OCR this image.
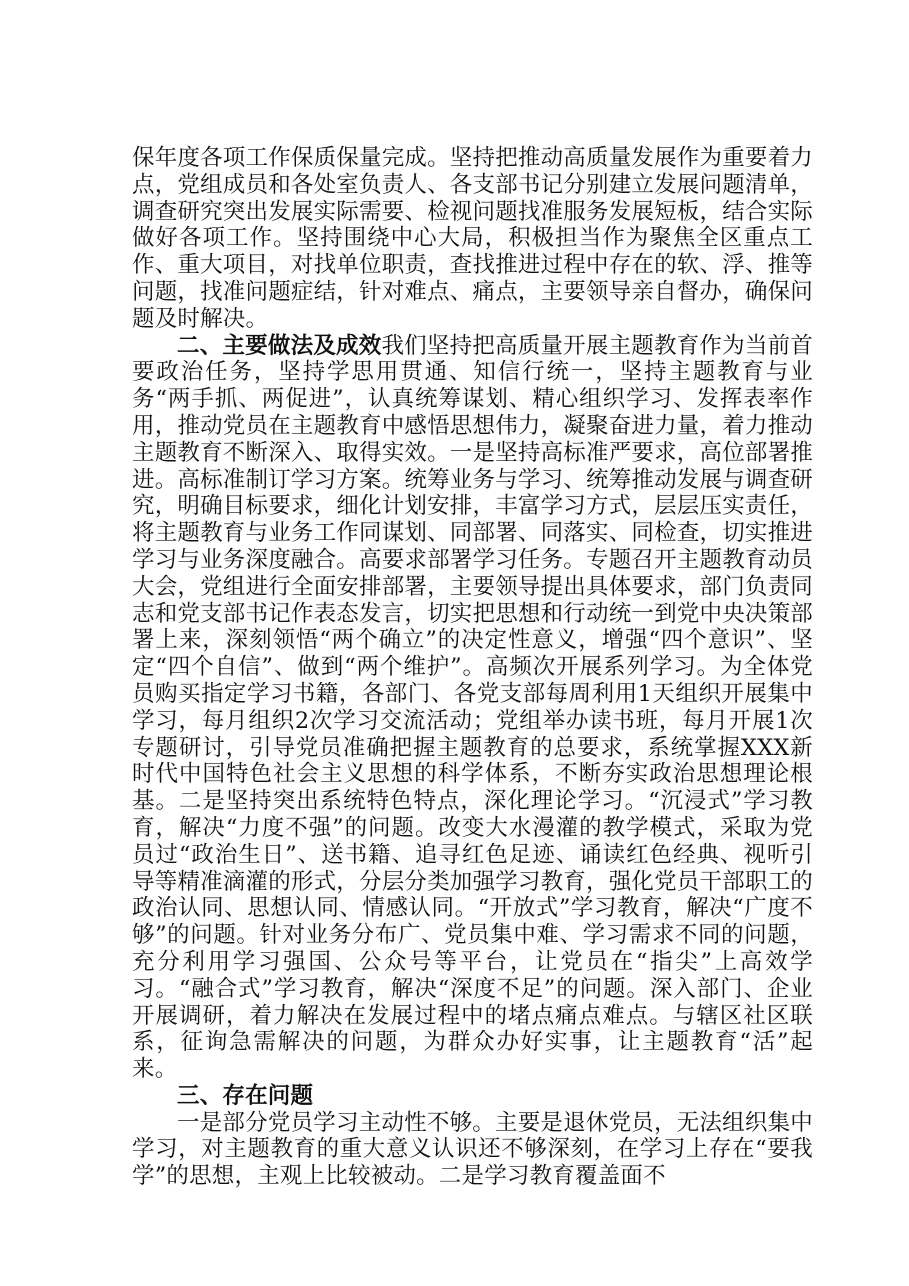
保年度各项工作保质保量完成。坚持把推动高质量发展作为重要着力点，党组成员和各处室负责人、各支部书记分别建立发展问题清单，调查研究突出发展实际需要、检视问题找准服务发展短板，结合实际做好各项工作。坚持围绕中心大局，积极担当作为聚焦全区重点工作、重大项目，对找单位职责，查找推进过程中存在的软、浮、推等问题，找准问题症结，针对难点、痛点，主要领导亲自督办，确保问题及时解决。

二、主要做法及成效我们坚持把高质量开展主题教育作为当前首要政治任务，坚持学思用贯通、知信行统一，坚持主题教育与业务“两手抓、两促进”，认真统筹谋划、精心组织学习、发挥表率作用，推动党员在主题教育中感悟思想伟力，凝聚奋进力量，着力推动主题教育不断深入、取得实效。一是坚持高标准严要求，高位部署推进。高标准制订学习方案。统筹业务与学习、统筹推动发展与调查研究，明确目标要求，细化计划安排，丰富学习方式，层层压实责任，将主题教育与业务工作同谋划、同部署、同落实、同检查，切实推进学习与业务深度融合。高要求部署学习任务。专题召开主题教育动员大会，党组进行全面安排部署，主要领导提出具体要求，部门负责同志和党支部书记作表态发言，切实把思想和行动统一到党中央决策部署上来，深刻领悟“两个确立”的决定性意义，增强“四个意识”、坚定“四个自信”、做到“两个维护”。高频次开展系列学习。为全体党员购买指定学习书籍，各部门、各党支部每周利用1天组织开展集中学习，每月组织2次学习交流活动；党组举办读书班，每月开展1次专题研讨，引导党员准确把握主题教育的总要求，系统掌握XXX新时代中国特色社会主义思想的科学体系，不断夯实政治思想理论根基。二是坚持突出系统特色特点，深化理论学习。“沉浸式”学习教育，解决“力度不强”的问题。改变大水漫灌的教学模式，采取为党员过“政治生日”、送书籍、追寻红色足迹、诵读红色经典、视听引导等精准滴灌的形式，分层分类加强学习教育，强化党员干部职工的政治认同、思想认同、情感认同。“开放式”学习教育，解决“广度不够”的问题。针对业务分布广、党员集中难、学习需求不同的问题，充分利用学习强国、公众号等平台，让党员在“指尖”上高效学习。“融合式”学习教育，解决“深度不足”的问题。深入部门、企业开展调研，着力解决在发展过程中的堵点痛点难点。与辖区社区联系，征询急需解决的问题，为群众办好实事，让主题教育“活”起来。

三、存在问题

一是部分党员学习主动性不够。主要是退休党员，无法组织集中学习，对主题教育的重大意义认识还不够深刻，在学习上存在“要我学”的思想，主观上比较被动。二是学习教育覆盖面不
